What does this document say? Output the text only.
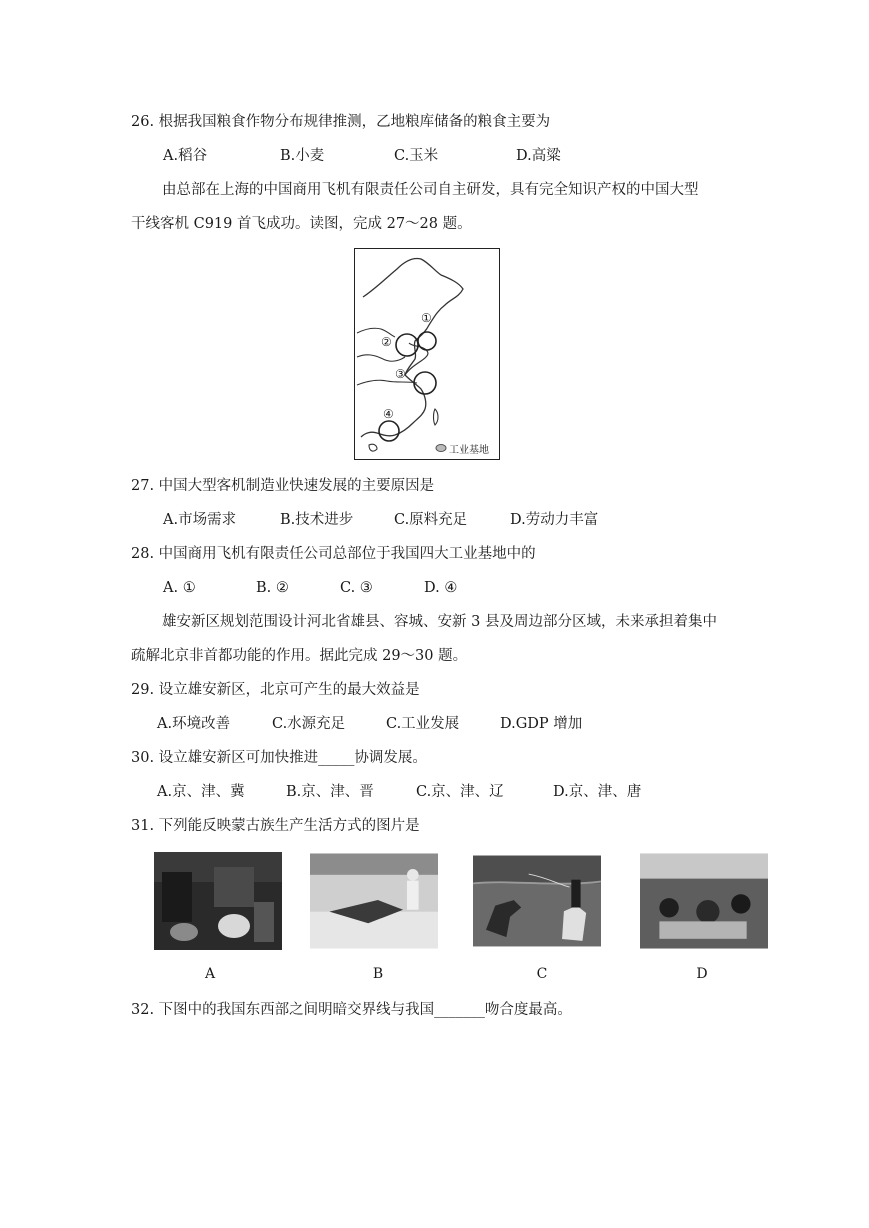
26. 根据我国粮食作物分布规律推测，乙地粮库储备的粮食主要为
A.稻谷	B.小麦	C.玉米	D.高粱
由总部在上海的中国商用飞机有限责任公司自主研发，具有完全知识产权的中国大型
干线客机 C919 首飞成功。读图，完成 27～28 题。
①
②
③
④
工业基地
27. 中国大型客机制造业快速发展的主要原因是
A.市场需求	B.技术进步	C.原料充足	D.劳动力丰富
28. 中国商用飞机有限责任公司总部位于我国四大工业基地中的
A. ①	B. ②	C. ③	D. ④
雄安新区规划范围设计河北省雄县、容城、安新 3 县及周边部分区域，未来承担着集中
疏解北京非首都功能的作用。据此完成 29～30 题。
29. 设立雄安新区，北京可产生的最大效益是
A.环境改善	C.水源充足	C.工业发展	D.GDP 增加
30. 设立雄安新区可加快推进_____协调发展。
A.京、津、冀	B.京、津、晋	C.京、津、辽	D.京、津、唐
31. 下列能反映蒙古族生产生活方式的图片是
A	B	C	D
32. 下图中的我国东西部之间明暗交界线与我国_______吻合度最高。
